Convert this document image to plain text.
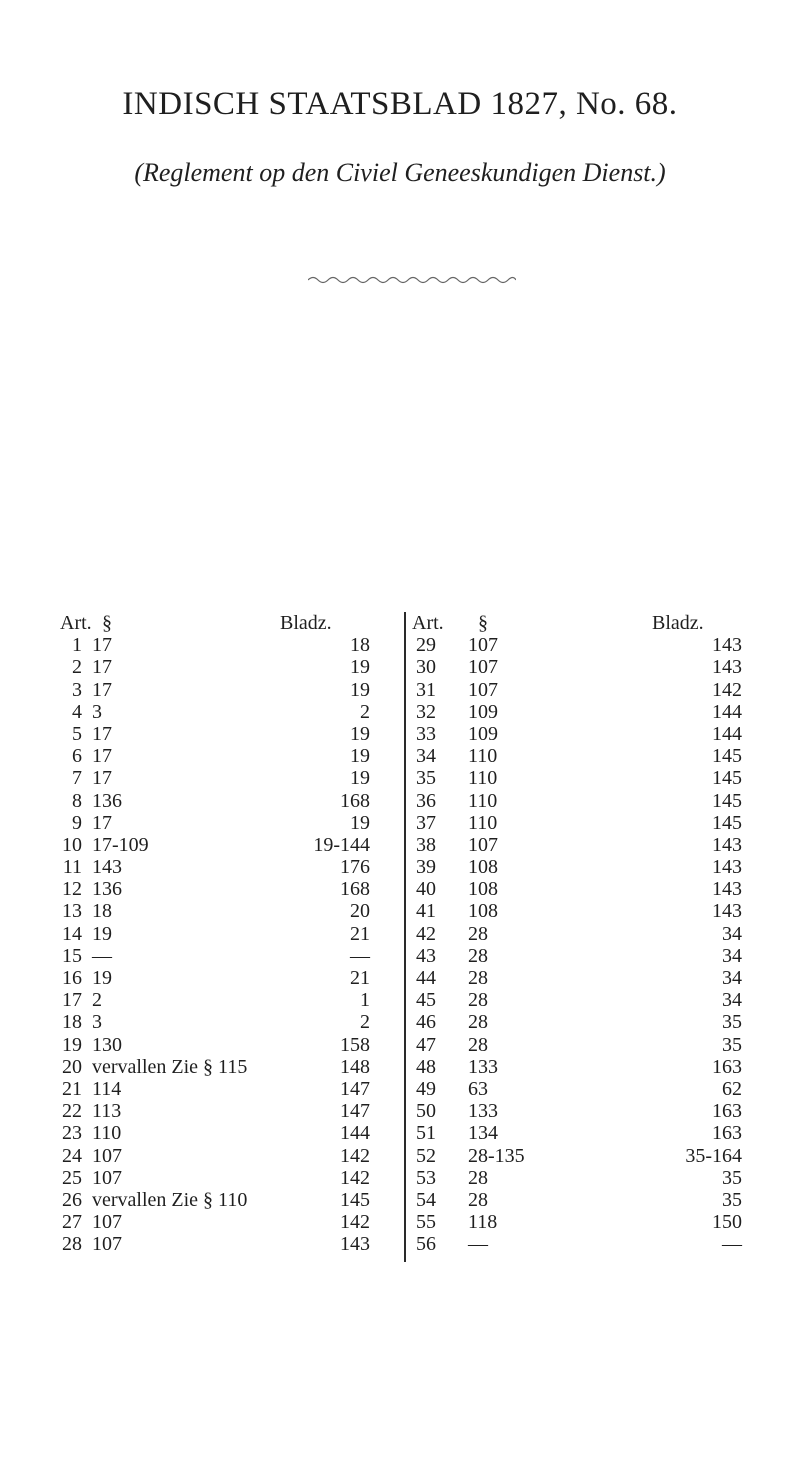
INDISCH STAATSBLAD 1827, No. 68.
(Reglement op den Civiel Geneeskundigen Dienst.)
Art. §	Bladz.
1 17	18
2 17	19
3 17	19
4 3	2
5 17	19
6 17	19
7 17	19
8 136	168
9 17	19
10 17-109	19-144
11 143	176
12 136	168
13 18	20
14 19	21
15 —	—
16 19	21
17 2	1
18 3	2
19 130	158
20 vervallen Zie § 115	148
21 114	147
22 113	147
23 110	144
24 107	142
25 107	142
26 vervallen Zie § 110	145
27 107	142
28 107	143
Art. §	Bladz.
29 107	143
30 107	143
31 107	142
32 109	144
33 109	144
34 110	145
35 110	145
36 110	145
37 110	145
38 107	143
39 108	143
40 108	143
41 108	143
42 28	34
43 28	34
44 28	34
45 28	34
46 28	35
47 28	35
48 133	163
49 63	62
50 133	163
51 134	163
52 28-135	35-164
53 28	35
54 28	35
55 118	150
56 —	—
